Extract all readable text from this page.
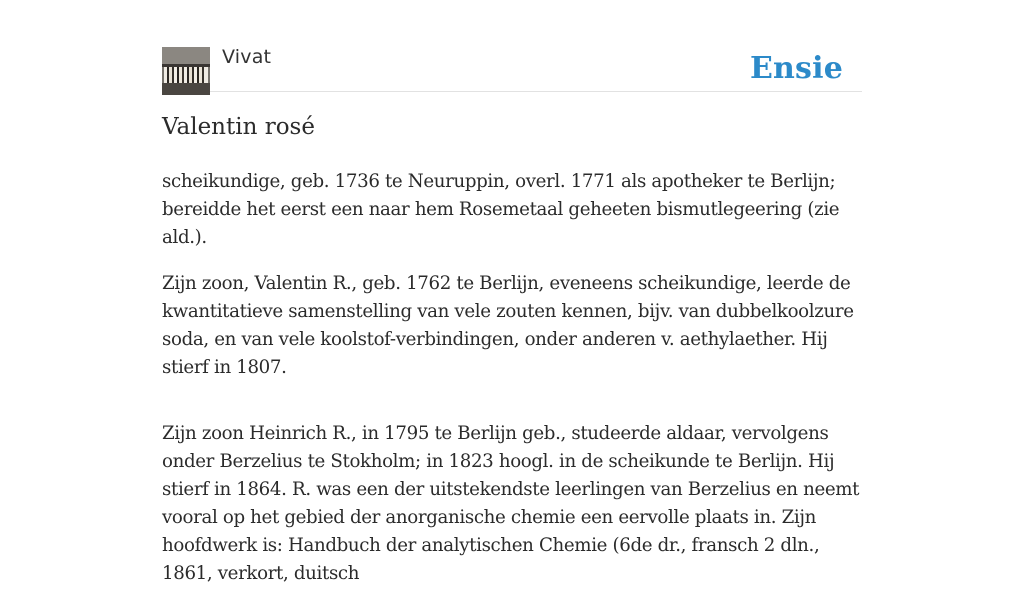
Vivat	Ensie
Valentin rosé

scheikundige, geb. 1736 te Neuruppin, overl. 1771 als apotheker te Berlijn; bereidde het eerst een naar hem Rosemetaal geheeten bismutlegeering (zie ald.).

Zijn zoon, Valentin R., geb. 1762 te Berlijn, eveneens scheikundige, leerde de kwantitatieve samenstelling van vele zouten kennen, bijv. van dubbelkoolzure soda, en van vele koolstof-verbindingen, onder anderen v. aethylaether. Hij stierf in 1807.

Zijn zoon Heinrich R., in 1795 te Berlijn geb., studeerde aldaar, vervolgens onder Berzelius te Stokholm; in 1823 hoogl. in de scheikunde te Berlijn. Hij stierf in 1864. R. was een der uitstekendste leerlingen van Berzelius en neemt vooral op het gebied der anorganische chemie een eervolle plaats in. Zijn hoofdwerk is: Handbuch der analytischen Chemie (6de dr., fransch 2 dln., 1861, verkort, duitsch
